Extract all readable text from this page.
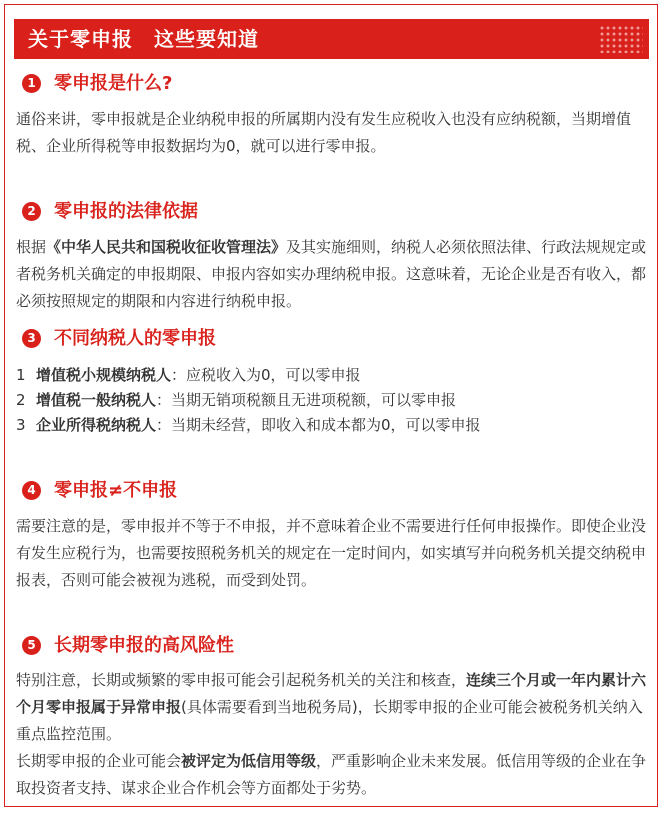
关于零申报　这些要知道
1 零申报是什么?

通俗来讲，零申报就是企业纳税申报的所属期内没有发生应税收入也没有应纳税额，当期增值税、企业所得税等申报数据均为0，就可以进行零申报。

2 零申报的法律依据

根据《中华人民共和国税收征收管理法》及其实施细则，纳税人必须依照法律、行政法规规定或者税务机关确定的申报期限、申报内容如实办理纳税申报。这意味着，无论企业是否有收入，都必须按照规定的期限和内容进行纳税申报。

3 不同纳税人的零申报
1 增值税小规模纳税人：应税收入为0，可以零申报
2 增值税一般纳税人：当期无销项税额且无进项税额，可以零申报
3 企业所得税纳税人：当期未经营，即收入和成本都为0，可以零申报
4 零申报≠不申报

需要注意的是，零申报并不等于不申报，并不意味着企业不需要进行任何申报操作。即使企业没有发生应税行为，也需要按照税务机关的规定在一定时间内，如实填写并向税务机关提交纳税申报表，否则可能会被视为逃税，而受到处罚。

5 长期零申报的高风险性
特别注意，长期或频繁的零申报可能会引起税务机关的关注和核查，连续三个月或一年内累计六个月零申报属于异常申报(具体需要看到当地税务局)，长期零申报的企业可能会被税务机关纳入重点监控范围。
长期零申报的企业可能会被评定为低信用等级，严重影响企业未来发展。低信用等级的企业在争取投资者支持、谋求企业合作机会等方面都处于劣势。
